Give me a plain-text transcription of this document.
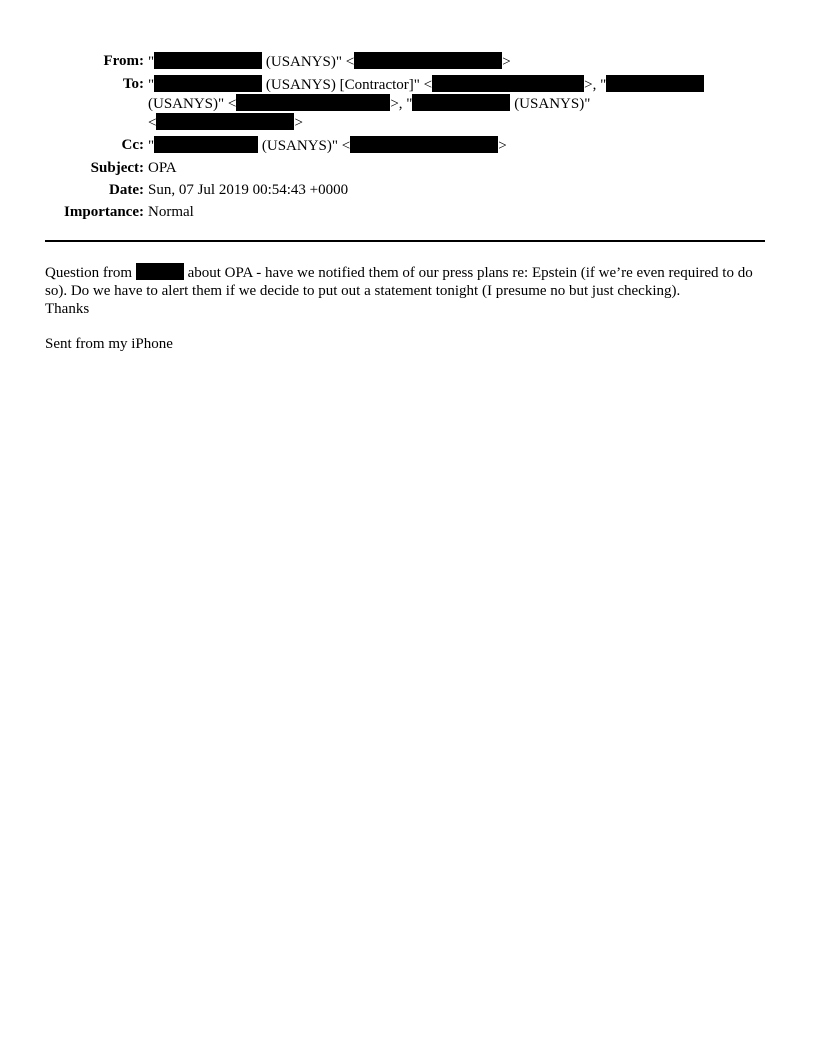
From: "	(USANYS)" <	>
To: "	(USANYS) [Contractor]" <	>, "
(USANYS)" <	>, "	(USANYS)"
<	>
Cc: "	(USANYS)" <	>
Subject: OPA
Date: Sun, 07 Jul 2019 00:54:43 +0000
Importance: Normal
Question from	about OPA - have we notified them of our press plans re: Epstein (if we’re even required to do so). Do we have to alert them if we decide to put out a statement tonight (I presume no but just checking).
Thanks
Sent from my iPhone
